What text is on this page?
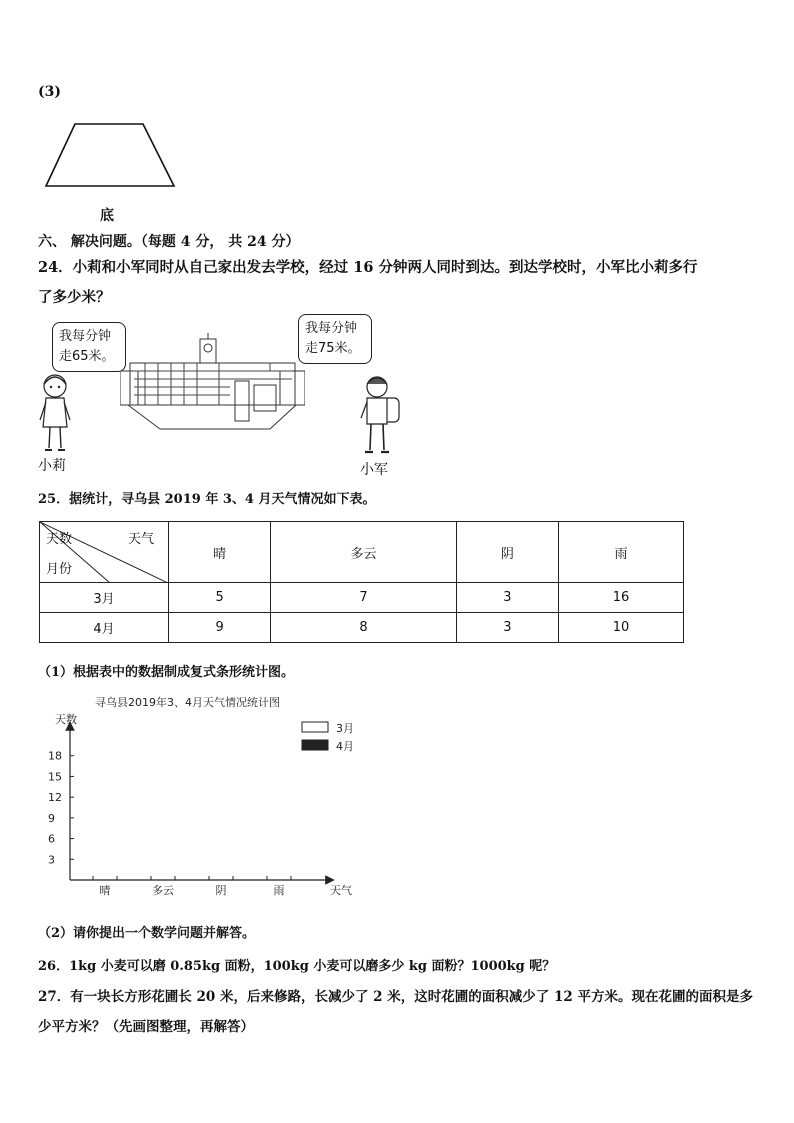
(3)
底
六、 解决问题。（每题 4 分， 共 24 分）
24．小莉和小军同时从自己家出发去学校，经过 16 分钟两人同时到达。到达学校时，小军比小莉多行
了多少米？
我每分钟
走65米。
我每分钟
走75米。
小莉	小军
25．据统计，寻乌县 2019 年 3、4 月天气情况如下表。
天数 天气
月份	晴	多云	阴	雨
3月	5	7	3	16
4月	9	8	3	10
（1）根据表中的数据制成复式条形统计图。
寻乌县2019年3、4月天气情况统计图
天数
天气
3月
4月
3
6
9
12
15
18
晴	多云	阴	雨
（2）请你提出一个数学问题并解答。
26．1kg 小麦可以磨 0.85kg 面粉，100kg 小麦可以磨多少 kg 面粉？1000kg 呢？
27．有一块长方形花圃长 20 米，后来修路，长减少了 2 米，这时花圃的面积减少了 12 平方米。现在花圃的面积是多
少平方米？（先画图整理，再解答）
